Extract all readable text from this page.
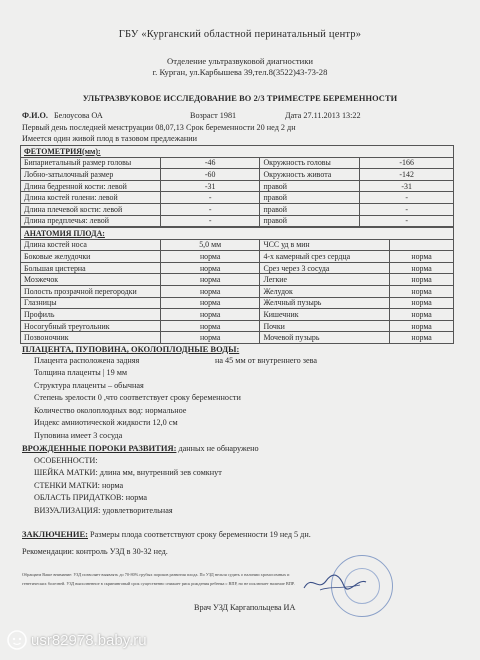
ГБУ «Курганский областной перинатальный центр»
Отделение ультразвуковой диагностики
г. Курган, ул.Карбышева 39,тел.8(3522)43-73-28
УЛЬТРАЗВУКОВОЕ ИССЛЕДОВАНИЕ ВО 2/3 ТРИМЕСТРЕ БЕРЕМЕННОСТИ
Ф.И.О. Белоусова ОА	Возраст 1981	Дата 27.11.2013 13:22
Первый день последней менструации 08,07,13 Срок беременности 20 нед 2 дн
Имеется один живой плод в тазовом предлежании
ФЕТОМЕТРИЯ(мм):			
Бипариетальный размер головы	-46	Окружность головы	-166
Лобно-затылочный размер	-60	Окружность живота	-142
Длина бедренной кости: левой	-31	правой	-31
Длина костей голени: левой	-	правой	-
Длина плечевой кости: левой	-	правой	-
Длина предплечья: левой	-	правой	-
АНАТОМИЯ ПЛОДА:			
Длина костей носа	5,0 мм	ЧСС уд в мин	
Боковые желудочки	норма	4-х камерный срез сердца	норма
Большая цистерна	норма	Срез через 3 сосуда	норма
Мозжечок	норма	Легкие	норма
Полость прозрачной перегородки	норма	Желудок	норма
Глазницы	норма	Желчный пузырь	норма
Профиль	норма	Кишечник	норма
Носогубный треугольник	норма	Почки	норма
Позвоночник	норма	Мочевой пузырь	норма
ПЛАЦЕНТА, ПУПОВИНА, ОКОЛОПЛОДНЫЕ ВОДЫ:
Плацента расположена задняя	на 45 мм от внутреннего зева
Толщина плаценты | 19 мм
Структура плаценты – обычная
Степень зрелости 0 ,что соответствует сроку беременности
Количество околоплодных вод: нормальное
Индекс амниотической жидкости 12,0 см
Пуповина имеет 3 сосуда
ВРОЖДЕННЫЕ ПОРОКИ РАЗВИТИЯ: данных не обнаружено
ОСОБЕННОСТИ:
ШЕЙКА МАТКИ: длина мм, внутренний зев сомкнут
СТЕНКИ МАТКИ: норма
ОБЛАСТЬ ПРИДАТКОВ: норма
ВИЗУАЛИЗАЦИЯ: удовлетворительная
ЗАКЛЮЧЕНИЕ: Размеры плода соответствуют сроку беременности 19 нед 5 дн.
Рекомендации: контроль УЗД в 30-32 нед.
Обращаем Ваше внимание: УЗД позволяет выявлять до 70-80% грубых пороков развития плода. По УЗД нельзя судить о наличии хромосомных и
генетических болезней. УЗД выполненное в скрининговый срок существенно снижает риск рождения ребенка с ВПР, но не исключает наличие ВПР.
Врач УЗД Каргапольцева ИА
usr82978.baby.ru
